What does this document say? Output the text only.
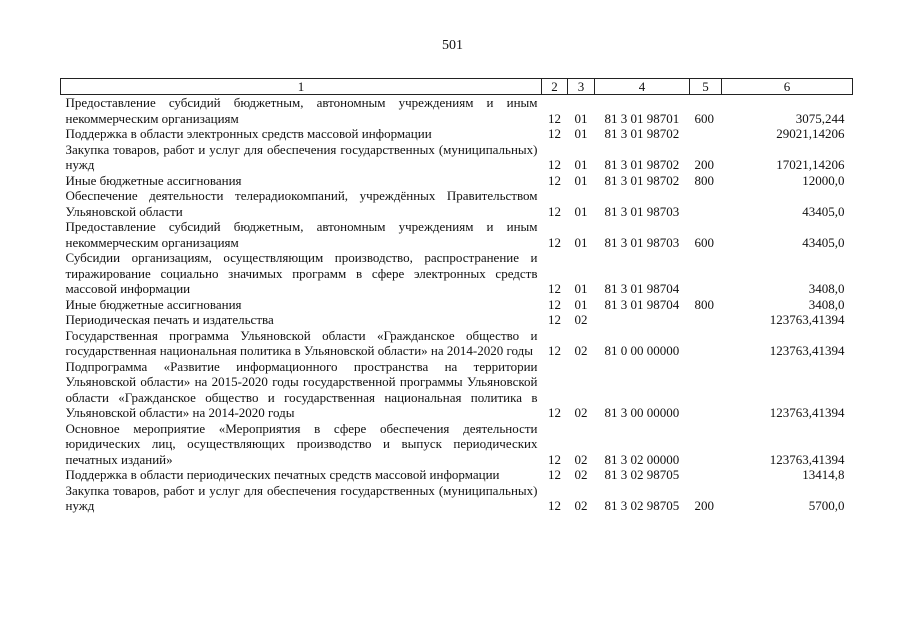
501
1	2	3	4	5	6
Предоставление субсидий бюджетным, автономным учреждениям и иным некоммерческим организациям	12	01	81 3 01 98701	600	3075,244
Поддержка в области электронных средств массовой информации	12	01	81 3 01 98702		29021,14206
Закупка товаров, работ и услуг для обеспечения государственных (муниципальных) нужд	12	01	81 3 01 98702	200	17021,14206
Иные бюджетные ассигнования	12	01	81 3 01 98702	800	12000,0
Обеспечение деятельности телерадиокомпаний, учреждённых Правительством Ульяновской области	12	01	81 3 01 98703		43405,0
Предоставление субсидий бюджетным, автономным учреждениям и иным некоммерческим организациям	12	01	81 3 01 98703	600	43405,0
Субсидии организациям, осуществляющим производство, распространение и тиражирование социально значимых программ в сфере электронных средств массовой информации	12	01	81 3 01 98704		3408,0
Иные бюджетные ассигнования	12	01	81 3 01 98704	800	3408,0
Периодическая печать и издательства	12	02			123763,41394
Государственная программа Ульяновской области «Гражданское общество и государственная национальная политика в Ульяновской области» на 2014-2020 годы	12	02	81 0 00 00000		123763,41394
Подпрограмма «Развитие информационного пространства на территории Ульяновской области» на 2015-2020 годы государственной программы Ульяновской области «Гражданское общество и государственная национальная политика в Ульяновской области» на 2014-2020 годы	12	02	81 3 00 00000		123763,41394
Основное мероприятие «Мероприятия в сфере обеспечения деятельности юридических лиц, осуществляющих производство и выпуск периодических печатных изданий»	12	02	81 3 02 00000		123763,41394
Поддержка в области периодических печатных средств массовой информации	12	02	81 3 02 98705		13414,8
Закупка товаров, работ и услуг для обеспечения государственных (муниципальных) нужд	12	02	81 3 02 98705	200	5700,0
